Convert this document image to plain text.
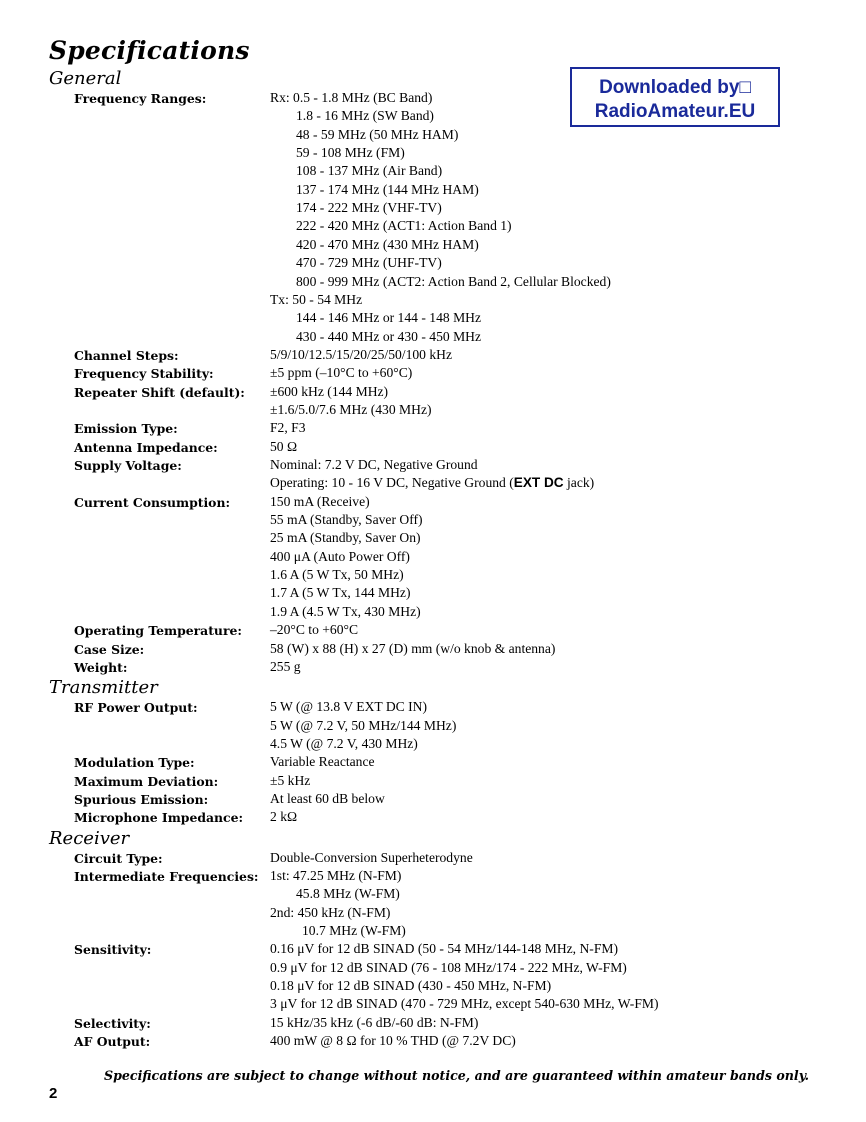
Specifications
Downloaded by□
RadioAmateur.EU
General
Frequency Ranges:	Rx: 0.5 - 1.8 MHz (BC Band)
1.8 - 16 MHz (SW Band)
48 - 59 MHz (50 MHz HAM)
59 - 108 MHz (FM)
108 - 137 MHz (Air Band)
137 - 174 MHz (144 MHz HAM)
174 - 222 MHz (VHF-TV)
222 - 420 MHz (ACT1: Action Band 1)
420 - 470 MHz (430 MHz HAM)
470 - 729 MHz (UHF-TV)
800 - 999 MHz (ACT2: Action Band 2, Cellular Blocked)
Tx: 50 - 54 MHz
144 - 146 MHz or 144 - 148 MHz
430 - 440 MHz or 430 - 450 MHz
Channel Steps:	5/9/10/12.5/15/20/25/50/100 kHz
Frequency Stability:	±5 ppm (–10°C to +60°C)
Repeater Shift (default): ±600 kHz (144 MHz)
±1.6/5.0/7.6 MHz (430 MHz)
Emission Type:	F2, F3
Antenna Impedance:	50 Ω
Supply Voltage:	Nominal: 7.2 V DC, Negative Ground
Operating: 10 - 16 V DC, Negative Ground (EXT DC jack)
Current Consumption:	150 mA (Receive)
55 mA (Standby, Saver Off)
25 mA (Standby, Saver On)
400 μA (Auto Power Off)
1.6 A (5 W Tx, 50 MHz)
1.7 A (5 W Tx, 144 MHz)
1.9 A (4.5 W Tx, 430 MHz)
Operating Temperature: –20°C to +60°C
Case Size:	58 (W) x 88 (H) x 27 (D) mm (w/o knob & antenna)
Weight:	255 g
Transmitter
RF Power Output:	5 W (@ 13.8 V EXT DC IN)
5 W (@ 7.2 V, 50 MHz/144 MHz)
4.5 W (@ 7.2 V, 430 MHz)
Modulation Type:	Variable Reactance
Maximum Deviation:	±5 kHz
Spurious Emission:	At least 60 dB below
Microphone Impedance: 2 kΩ
Receiver
Circuit Type:	Double-Conversion Superheterodyne
Intermediate Frequencies: 1st: 47.25 MHz (N-FM)
45.8 MHz (W-FM)
2nd: 450 kHz (N-FM)
10.7 MHz (W-FM)
Sensitivity:	0.16 μV for 12 dB SINAD (50 - 54 MHz/144-148 MHz, N-FM)
0.9 μV for 12 dB SINAD (76 - 108 MHz/174 - 222 MHz, W-FM)
0.18 μV for 12 dB SINAD (430 - 450 MHz, N-FM)
3 μV for 12 dB SINAD (470 - 729 MHz, except 540-630 MHz, W-FM)
Selectivity:	15 kHz/35 kHz (-6 dB/-60 dB: N-FM)
AF Output:	400 mW @ 8 Ω for 10 % THD (@ 7.2V DC)
Specifications are subject to change without notice, and are guaranteed within amateur bands only.
2
